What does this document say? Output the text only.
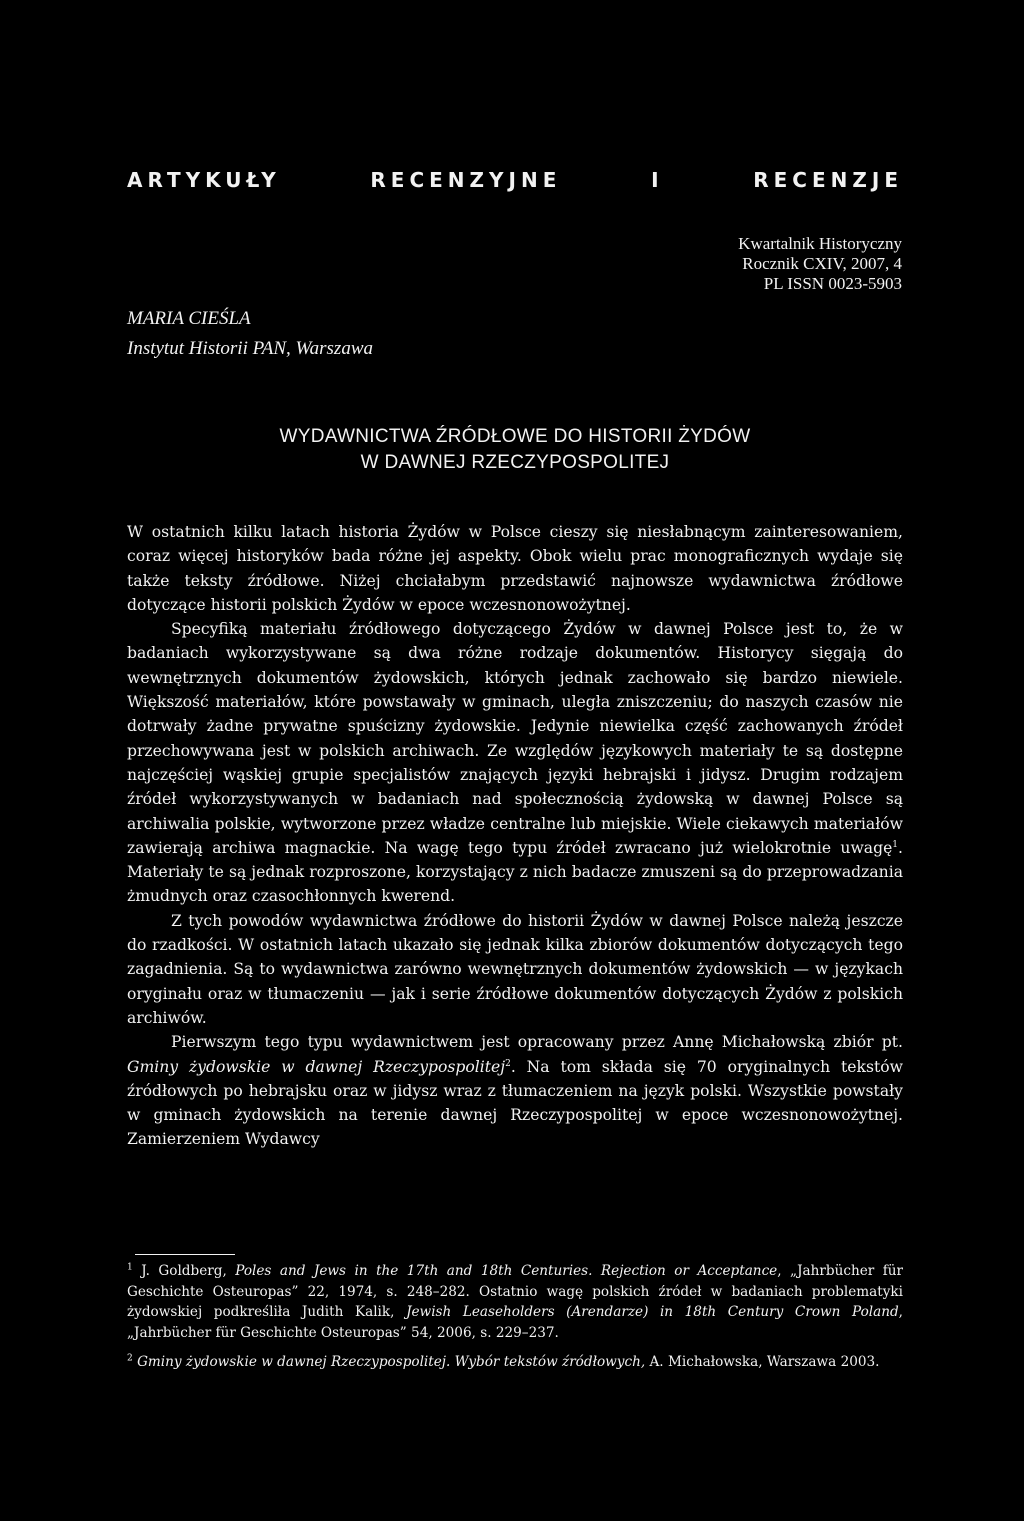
ARTYKUŁY	RECENZYJNE	I	RECENZJE
Kwartalnik Historyczny
Rocznik CXIV, 2007, 4
PL ISSN 0023-5903
MARIA CIEŚLA
Instytut Historii PAN, Warszawa
WYDAWNICTWA ŹRÓDŁOWE DO HISTORII ŻYDÓW
W DAWNEJ RZECZYPOSPOLITEJ

W ostatnich kilku latach historia Żydów w Polsce cieszy się niesłabnącym zainteresowaniem, coraz więcej historyków bada różne jej aspekty. Obok wielu prac monograficznych wydaje się także teksty źródłowe. Niżej chciałabym przedstawić najnowsze wydawnictwa źródłowe dotyczące historii polskich Żydów w epoce wczesnonowożytnej.

Specyfiką materiału źródłowego dotyczącego Żydów w dawnej Polsce jest to, że w badaniach wykorzystywane są dwa różne rodzaje dokumentów. Historycy sięgają do wewnętrznych dokumentów żydowskich, których jednak zachowało się bardzo niewiele. Większość materiałów, które powstawały w gminach, uległa zniszczeniu; do naszych czasów nie dotrwały żadne prywatne spuścizny żydowskie. Jedynie niewielka część zachowanych źródeł przechowywana jest w polskich archiwach. Ze względów językowych materiały te są dostępne najczęściej wąskiej grupie specjalistów znających języki hebrajski i jidysz. Drugim rodzajem źródeł wykorzystywanych w badaniach nad społecznością żydowską w dawnej Polsce są archiwalia polskie, wytworzone przez władze centralne lub miejskie. Wiele ciekawych materiałów zawierają archiwa magnackie. Na wagę tego typu źródeł zwracano już wielokrotnie uwagę$^1$. Materiały te są jednak rozproszone, korzystający z nich badacze zmuszeni są do przeprowadzania żmudnych oraz czasochłonnych kwerend.

Z tych powodów wydawnictwa źródłowe do historii Żydów w dawnej Polsce należą jeszcze do rzadkości. W ostatnich latach ukazało się jednak kilka zbiorów dokumentów dotyczących tego zagadnienia. Są to wydawnictwa zarówno wewnętrznych dokumentów żydowskich — w językach oryginału oraz w tłumaczeniu — jak i serie źródłowe dokumentów dotyczących Żydów z polskich archiwów.

Pierwszym tego typu wydawnictwem jest opracowany przez Annę Michałowską zbiór pt. Gminy żydowskie w dawnej Rzeczypospolitej$^2$. Na tom składa się 70 oryginalnych tekstów źródłowych po hebrajsku oraz w jidysz wraz z tłumaczeniem na język polski. Wszystkie powstały w gminach żydowskich na terenie dawnej Rzeczypospolitej w epoce wczesnonowożytnej. Zamierzeniem Wydawcy

$^1$ J. Goldberg, Poles and Jews in the 17th and 18th Centuries. Rejection or Acceptance, „Jahrbücher für Geschichte Osteuropas” 22, 1974, s. 248–282. Ostatnio wagę polskich źródeł w badaniach problematyki żydowskiej podkreśliła Judith Kalik, Jewish Leaseholders (Arendarze) in 18th Century Crown Poland, „Jahrbücher für Geschichte Osteuropas” 54, 2006, s. 229–237.

$^2$ Gminy żydowskie w dawnej Rzeczypospolitej. Wybór tekstów źródłowych, A. Michałowska, Warszawa 2003.
